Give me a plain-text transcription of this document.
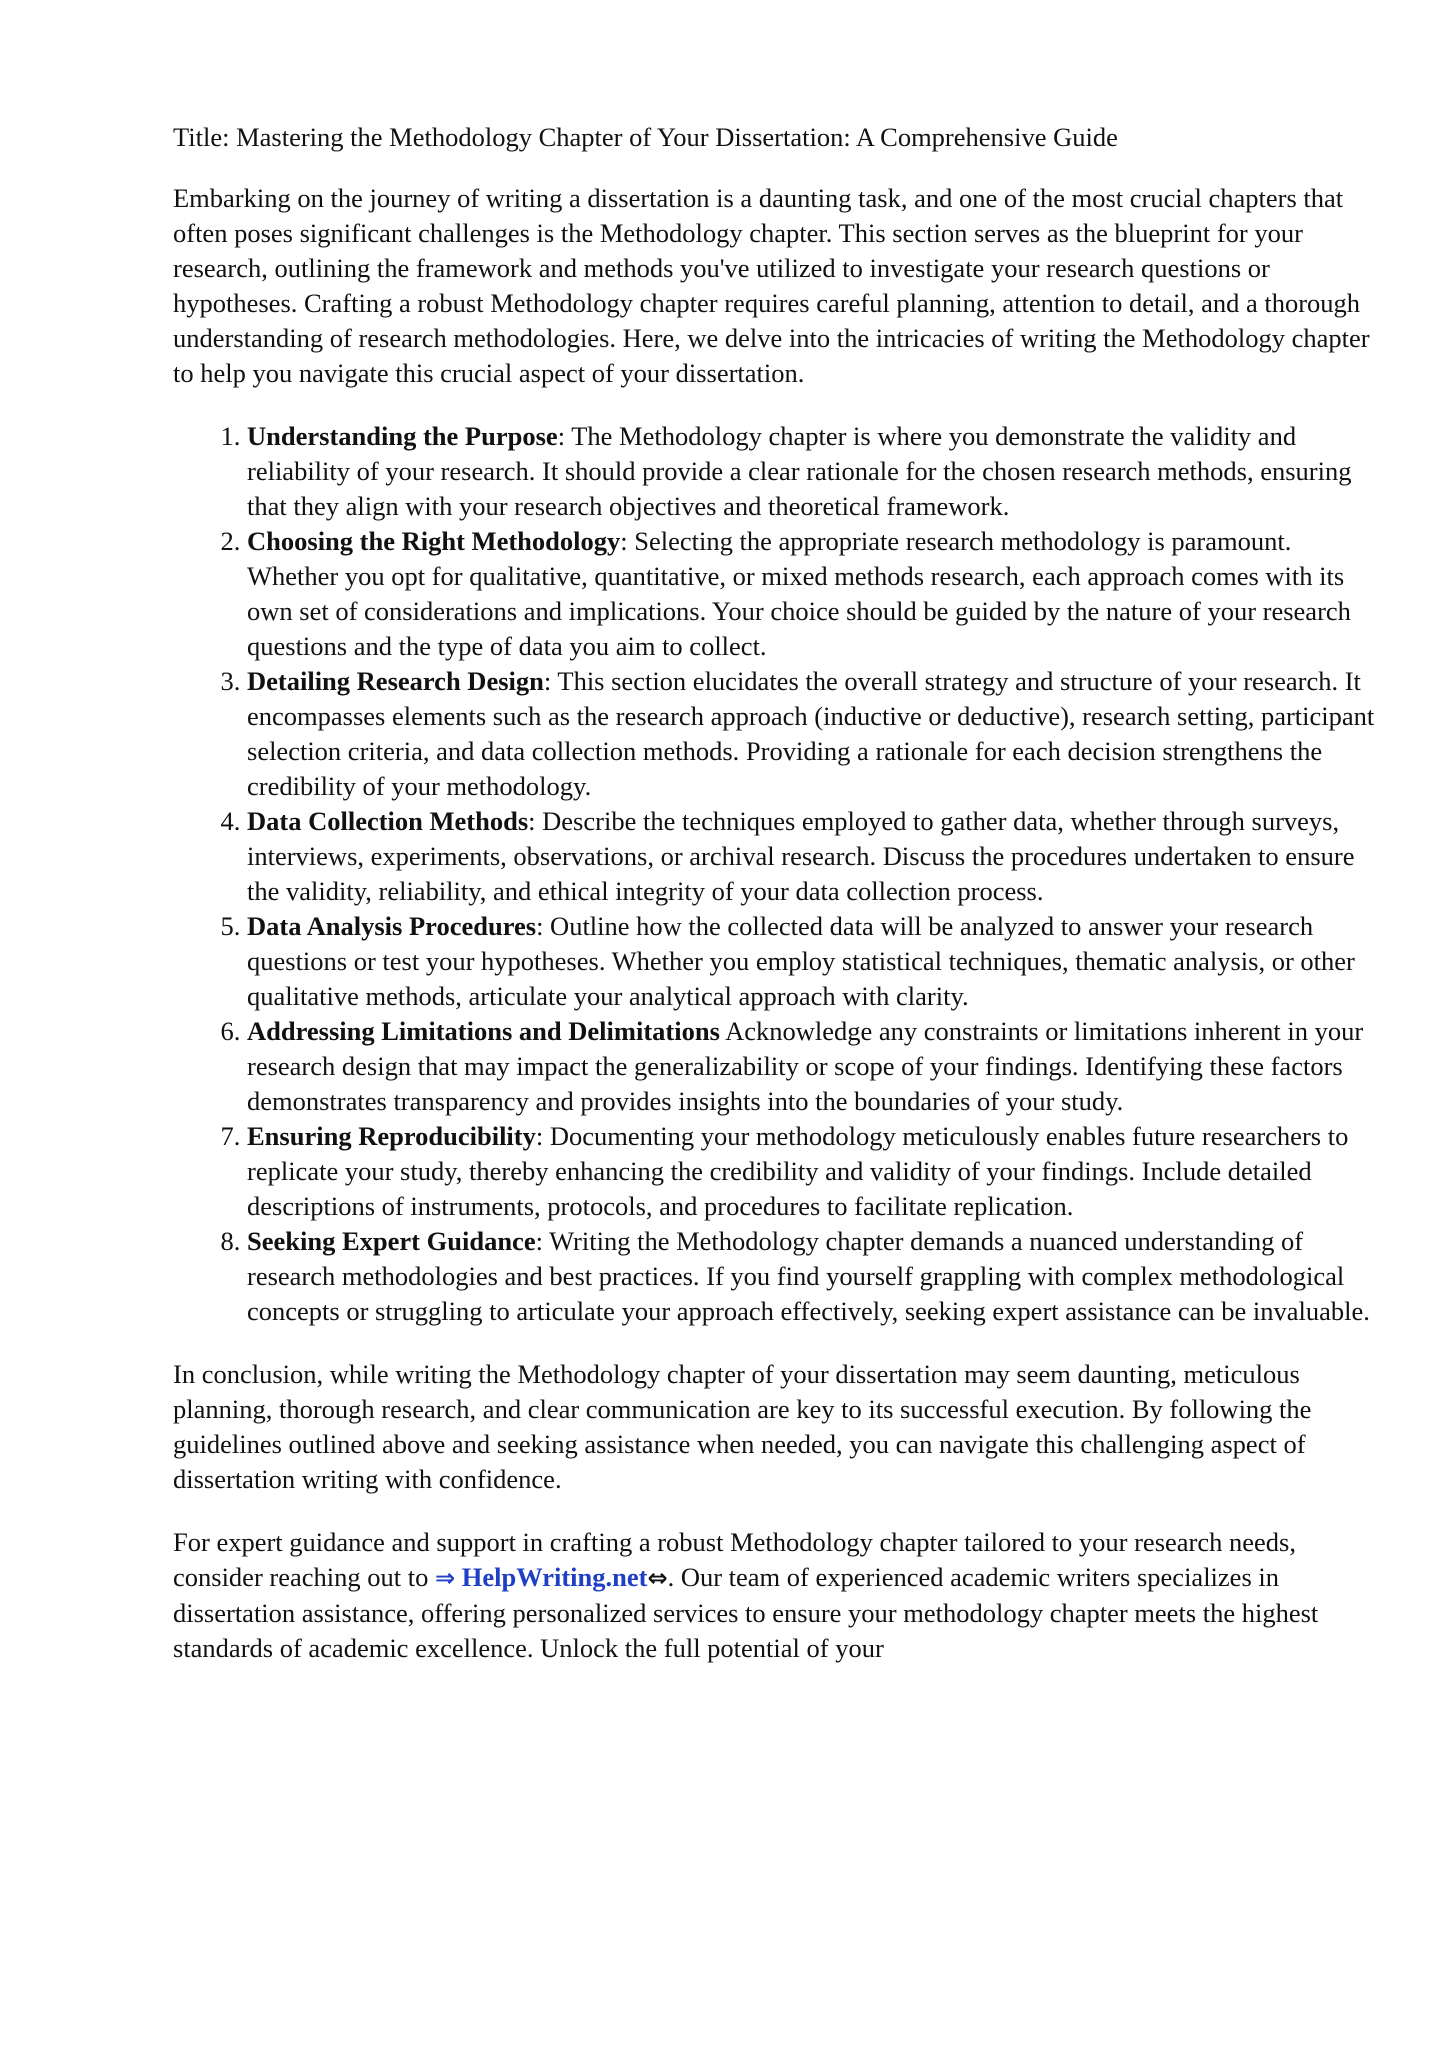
Title: Mastering the Methodology Chapter of Your Dissertation: A Comprehensive Guide

Embarking on the journey of writing a dissertation is a daunting task, and one of the most crucial chapters that often poses significant challenges is the Methodology chapter. This section serves as the blueprint for your research, outlining the framework and methods you've utilized to investigate your research questions or hypotheses. Crafting a robust Methodology chapter requires careful planning, attention to detail, and a thorough understanding of research methodologies. Here, we delve into the intricacies of writing the Methodology chapter to help you navigate this crucial aspect of your dissertation.

1. Understanding the Purpose: The Methodology chapter is where you demonstrate the validity and reliability of your research. It should provide a clear rationale for the chosen research methods, ensuring that they align with your research objectives and theoretical framework.
2. Choosing the Right Methodology: Selecting the appropriate research methodology is paramount. Whether you opt for qualitative, quantitative, or mixed methods research, each approach comes with its own set of considerations and implications. Your choice should be guided by the nature of your research questions and the type of data you aim to collect.
3. Detailing Research Design: This section elucidates the overall strategy and structure of your research. It encompasses elements such as the research approach (inductive or deductive), research setting, participant selection criteria, and data collection methods. Providing a rationale for each decision strengthens the credibility of your methodology.
4. Data Collection Methods: Describe the techniques employed to gather data, whether through surveys, interviews, experiments, observations, or archival research. Discuss the procedures undertaken to ensure the validity, reliability, and ethical integrity of your data collection process.
5. Data Analysis Procedures: Outline how the collected data will be analyzed to answer your research questions or test your hypotheses. Whether you employ statistical techniques, thematic analysis, or other qualitative methods, articulate your analytical approach with clarity.
6. Addressing Limitations and Delimitations Acknowledge any constraints or limitations inherent in your research design that may impact the generalizability or scope of your findings. Identifying these factors demonstrates transparency and provides insights into the boundaries of your study.
7. Ensuring Reproducibility: Documenting your methodology meticulously enables future researchers to replicate your study, thereby enhancing the credibility and validity of your findings. Include detailed descriptions of instruments, protocols, and procedures to facilitate replication.
8. Seeking Expert Guidance: Writing the Methodology chapter demands a nuanced understanding of research methodologies and best practices. If you find yourself grappling with complex methodological concepts or struggling to articulate your approach effectively, seeking expert assistance can be invaluable.

In conclusion, while writing the Methodology chapter of your dissertation may seem daunting, meticulous planning, thorough research, and clear communication are key to its successful execution. By following the guidelines outlined above and seeking assistance when needed, you can navigate this challenging aspect of dissertation writing with confidence.

For expert guidance and support in crafting a robust Methodology chapter tailored to your research needs, consider reaching out to ⇒ HelpWriting.net⇔. Our team of experienced academic writers specializes in dissertation assistance, offering personalized services to ensure your methodology chapter meets the highest standards of academic excellence. Unlock the full potential of your
